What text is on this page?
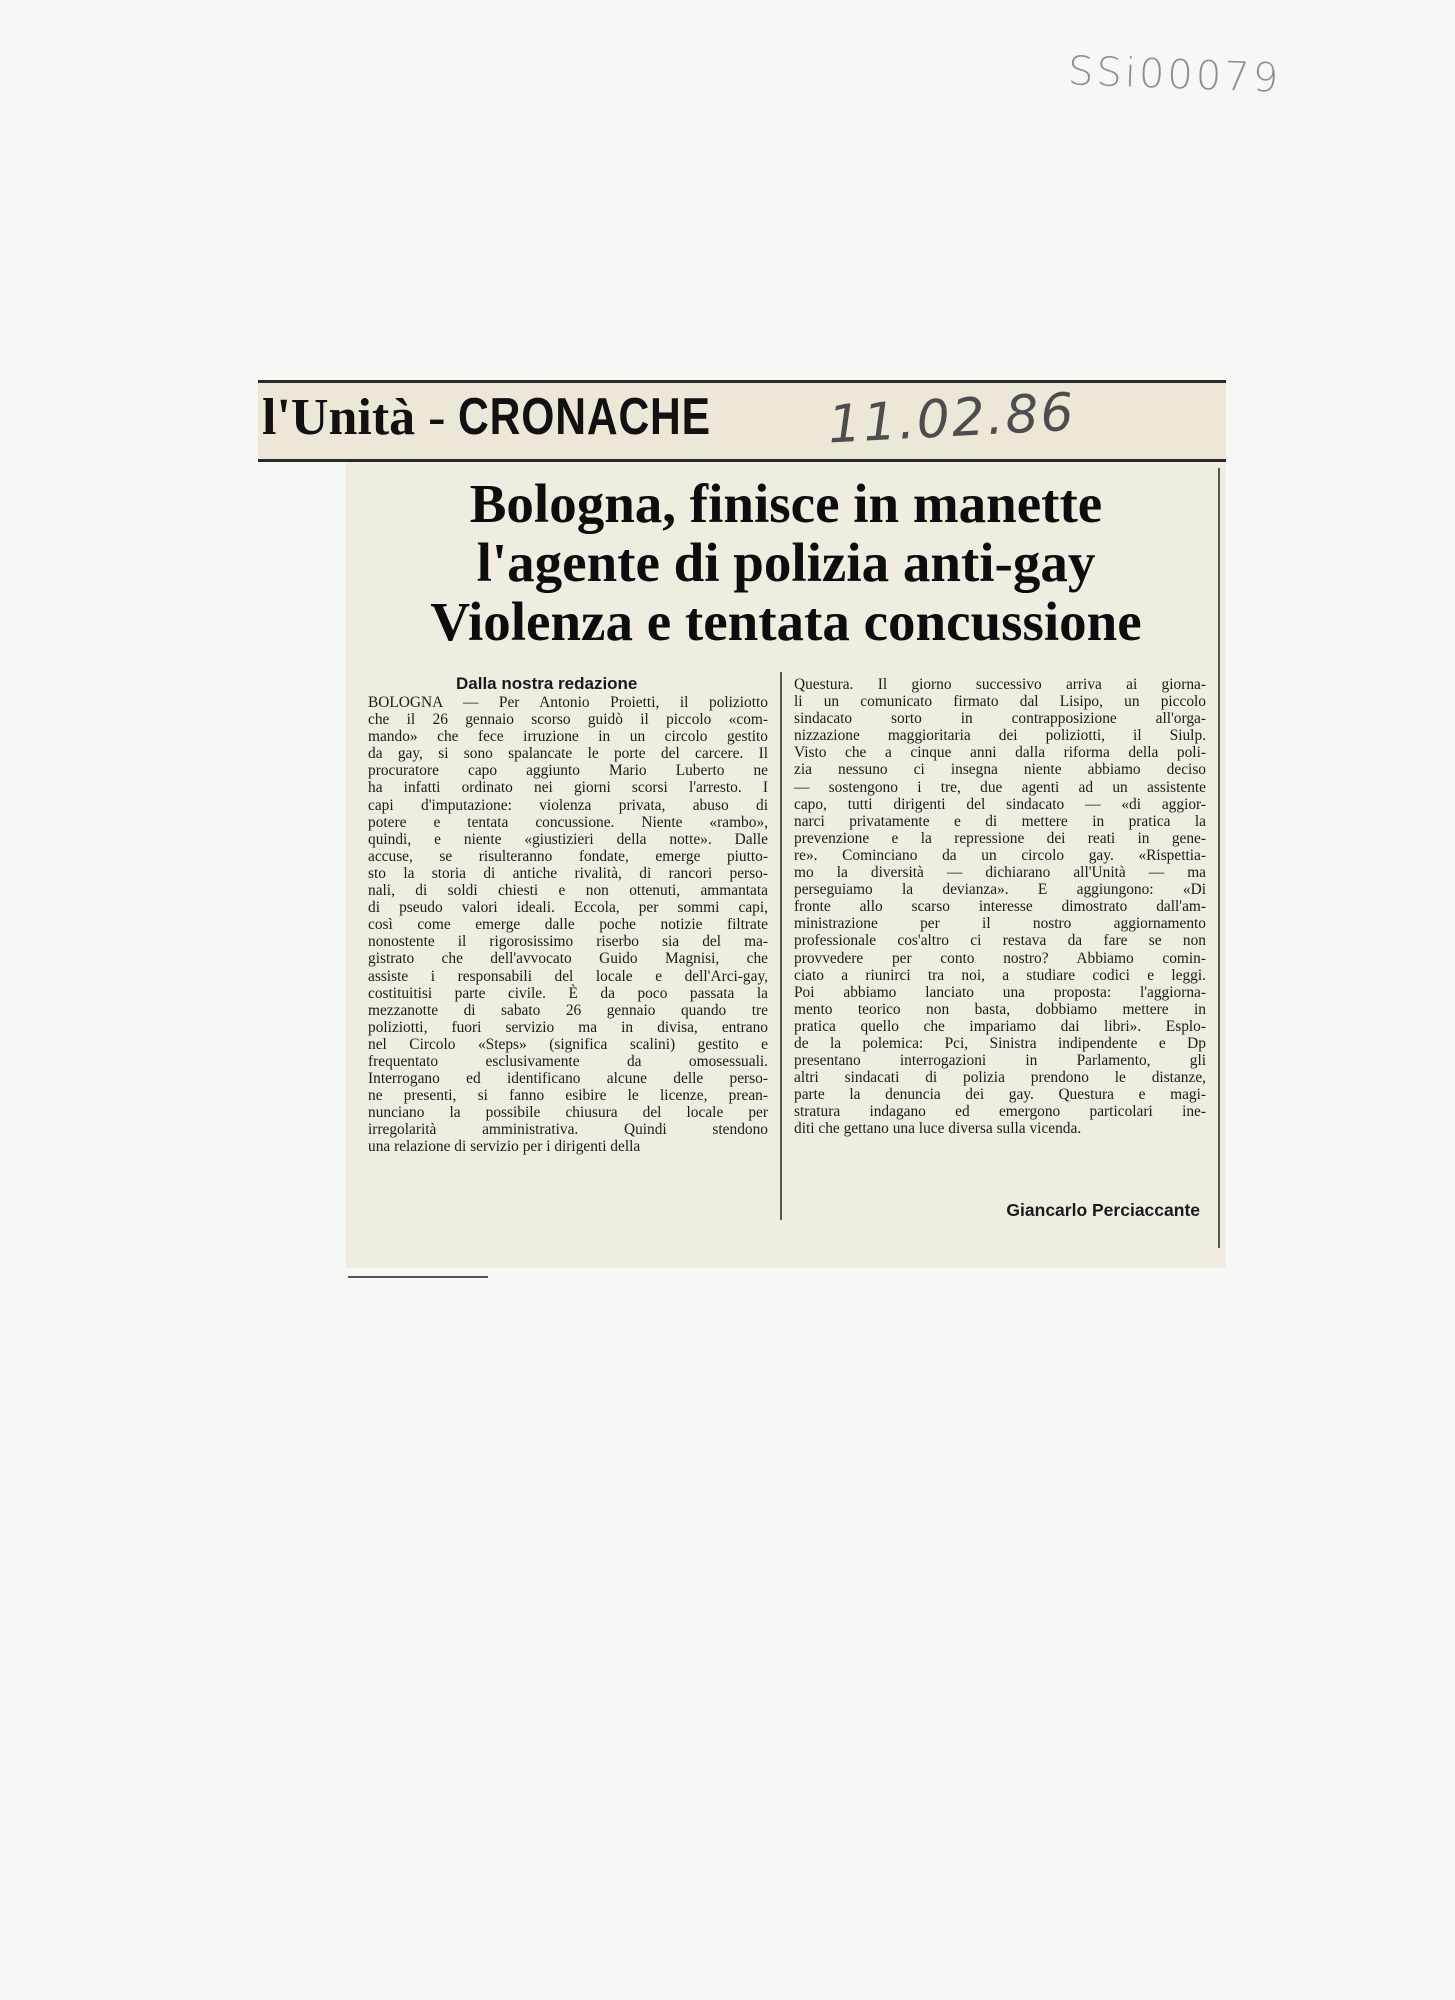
SSi00079
l'Unità - CRONACHE	11.02.86
Bologna, finisce in manette
l'agente di polizia anti-gay
Violenza e tentata concussione
Dalla nostra redazione
BOLOGNA — Per Antonio Proietti, il poliziotto
che il 26 gennaio scorso guidò il piccolo «com-
mando» che fece irruzione in un circolo gestito
da gay, si sono spalancate le porte del carcere. Il
procuratore capo aggiunto Mario Luberto ne
ha infatti ordinato nei giorni scorsi l'arresto. I
capi d'imputazione: violenza privata, abuso di
potere e tentata concussione. Niente «rambo»,
quindi, e niente «giustizieri della notte». Dalle
accuse, se risulteranno fondate, emerge piutto-
sto la storia di antiche rivalità, di rancori perso-
nali, di soldi chiesti e non ottenuti, ammantata
di pseudo valori ideali. Eccola, per sommi capi,
così come emerge dalle poche notizie filtrate
nonostente il rigorosissimo riserbo sia del ma-
gistrato che dell'avvocato Guido Magnisi, che
assiste i responsabili del locale e dell'Arci-gay,
costituitisi parte civile. È da poco passata la
mezzanotte di sabato 26 gennaio quando tre
poliziotti, fuori servizio ma in divisa, entrano
nel Circolo «Steps» (significa scalini) gestito e
frequentato esclusivamente da omosessuali.
Interrogano ed identificano alcune delle perso-
ne presenti, si fanno esibire le licenze, prean-
nunciano la possibile chiusura del locale per
irregolarità amministrativa. Quindi stendono
una relazione di servizio per i dirigenti della
Questura. Il giorno successivo arriva ai giorna-
li un comunicato firmato dal Lisipo, un piccolo
sindacato sorto in contrapposizione all'orga-
nizzazione maggioritaria dei poliziotti, il Siulp.
Visto che a cinque anni dalla riforma della poli-
zia nessuno ci insegna niente abbiamo deciso
— sostengono i tre, due agenti ad un assistente
capo, tutti dirigenti del sindacato — «di aggior-
narci privatamente e di mettere in pratica la
prevenzione e la repressione dei reati in gene-
re». Cominciano da un circolo gay. «Rispettia-
mo la diversità — dichiarano all'Unità — ma
perseguiamo la devianza». E aggiungono: «Di
fronte allo scarso interesse dimostrato dall'am-
ministrazione per il nostro aggiornamento
professionale cos'altro ci restava da fare se non
provvedere per conto nostro? Abbiamo comin-
ciato a riunirci tra noi, a studiare codici e leggi.
Poi abbiamo lanciato una proposta: l'aggiorna-
mento teorico non basta, dobbiamo mettere in
pratica quello che impariamo dai libri». Esplo-
de la polemica: Pci, Sinistra indipendente e Dp
presentano interrogazioni in Parlamento, gli
altri sindacati di polizia prendono le distanze,
parte la denuncia dei gay. Questura e magi-
stratura indagano ed emergono particolari ine-
diti che gettano una luce diversa sulla vicenda.
Giancarlo Perciaccante
